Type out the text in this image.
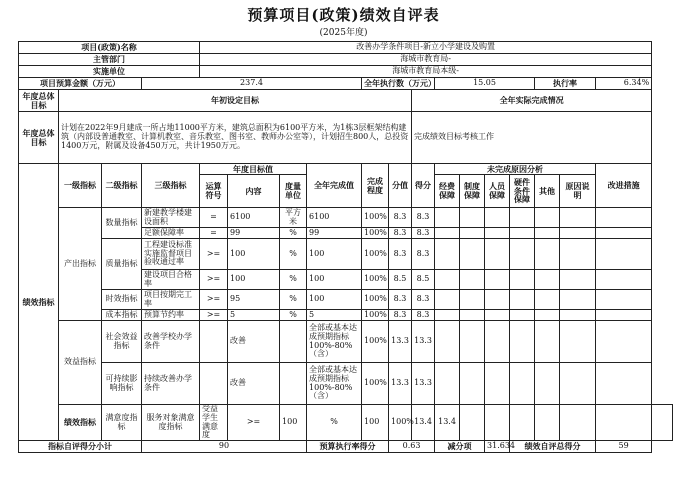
预算项目(政策)绩效自评表
(2025年度)
项目(政策)名称				改善办学条件项目-新立小学建设及购置														
主管部门				海城市教育局-														
实施单位				海城市教育局本级-														
项目预算金额（万元）			237.4					全年执行数（万元）			15.05				执行率		6.34%	
年度总体目标	年初设定目标									全年实际完成情况								
年度总体目标	计划在2022年9月建成一所占地11000平方米，建筑总面积为6100平方米，为1栋3层框架结构建筑（内部设普通教室、计算机教室、音乐教室、图书室、教师办公室等），计划招生800人，总投资1400万元，附属及设备450万元，共计1950万元。									完成绩效目标考核工作								
绩效指标	一级指标	二级指标	三级指标	年度目标值			全年完成值	完成程度	分值	得分	未完成原因分析						改进措施	
				运算符号	内容	度量单位					经费保障	制度保障	人员保障	硬件条件保障	其他	原因说明		
	产出指标	数量指标	新建教学楼建设面积	=	6100	平方米	6100	100%	8.3	8.3								
			足额保障率	=	99	%	99	100%	8.3	8.3								
		质量指标	工程建设标准实施监督项目验收通过率	>=	100	%	100	100%	8.3	8.3								
			建设项目合格率	>=	100	%	100	100%	8.5	8.5								
		时效指标	项目按期完工率	>=	95	%	100	100%	8.3	8.3								
		成本指标	预算节约率	>=	5	%	5	100%	8.3	8.3								
	效益指标	社会效益指标	改善学校办学条件		改善		全部或基本达成预期指标100%-80%（含）	100%	13.3	13.3								
		可持续影响指标	持续改善办学条件		改善		全部或基本达成预期指标100%-80%（含）	100%	13.3	13.3								
	绩效指标	满意度指标	服务对象满意度指标	受益学生满意度	>=	100	%	100	100%	13.4	13.4							
指标自评得分小计			90				预算执行率得分		0.63		减分项		31.634	绩效自评总得分			59	
